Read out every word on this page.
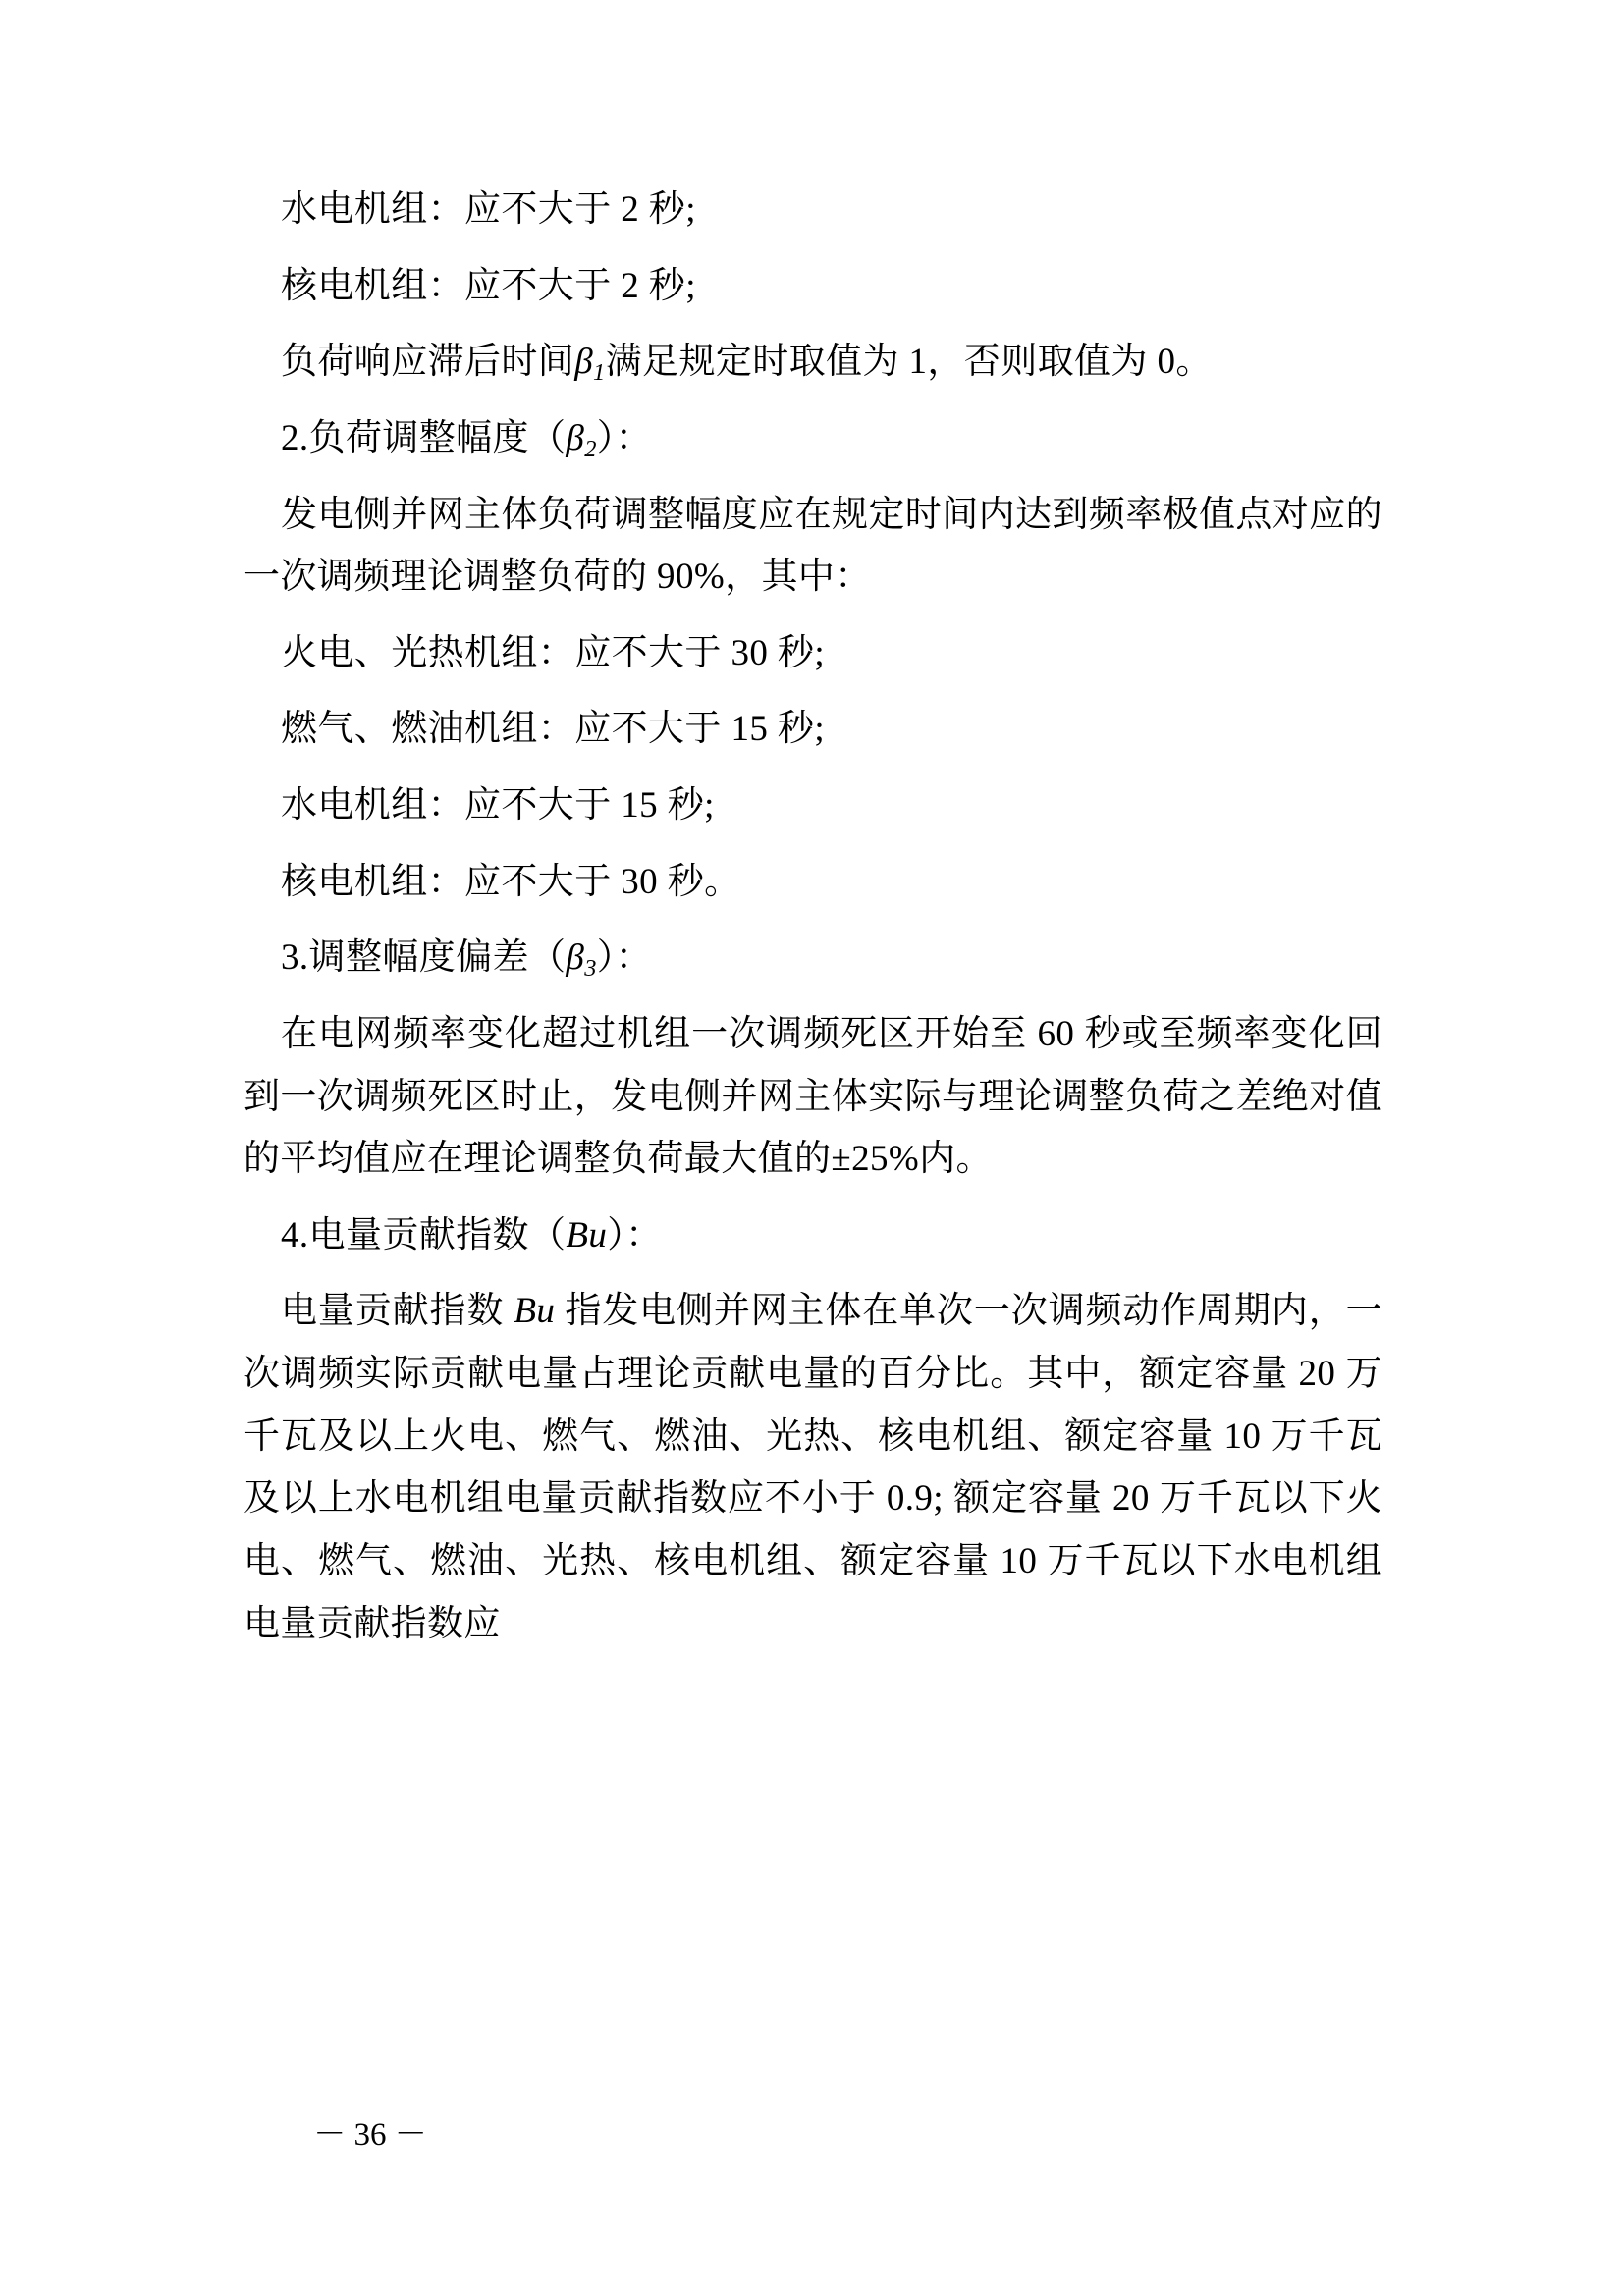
水电机组：应不大于 2 秒;

核电机组：应不大于 2 秒;

负荷响应滞后时间$\beta_1$满足规定时取值为 1，否则取值为 0。

2.负荷调整幅度$(\beta_2)$：

发电侧并网主体负荷调整幅度应在规定时间内达到频率极值点对应的一次调频理论调整负荷的 90%，其中：

火电、光热机组：应不大于 30 秒;

燃气、燃油机组：应不大于 15 秒;

水电机组：应不大于 15 秒;

核电机组：应不大于 30 秒。

3.调整幅度偏差$(\beta_3)$：

在电网频率变化超过机组一次调频死区开始至 60 秒或至频率变化回到一次调频死区时止，发电侧并网主体实际与理论调整负荷之差绝对值的平均值应在理论调整负荷最大值的±25%内。

4.电量贡献指数（Bu）：

电量贡献指数 Bu 指发电侧并网主体在单次一次调频动作周期内，一次调频实际贡献电量占理论贡献电量的百分比。其中，额定容量 20 万千瓦及以上火电、燃气、燃油、光热、核电机组、额定容量 10 万千瓦及以上水电机组电量贡献指数应不小于 0.9; 额定容量 20 万千瓦以下火电、燃气、燃油、光热、核电机组、额定容量 10 万千瓦以下水电机组电量贡献指数应

－ 36 －
